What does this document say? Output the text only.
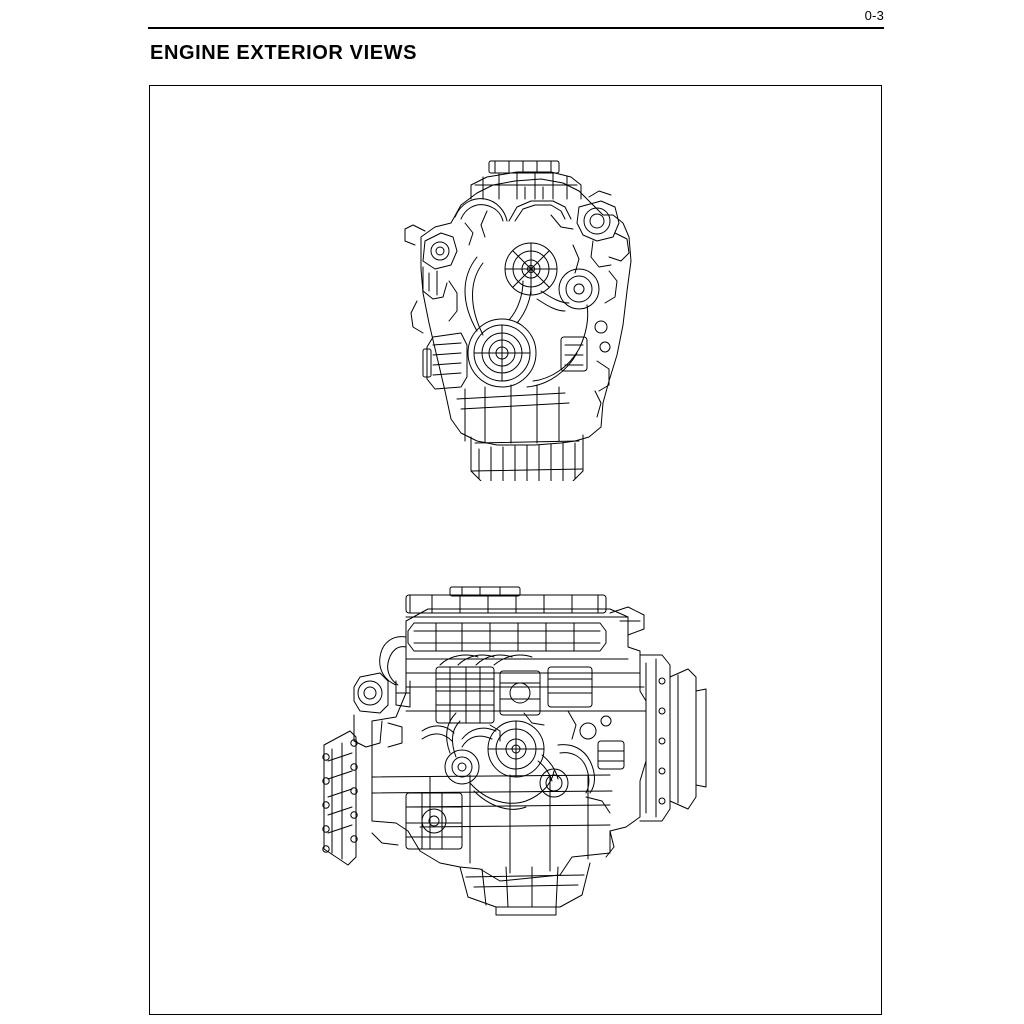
0-3
ENGINE EXTERIOR VIEWS
